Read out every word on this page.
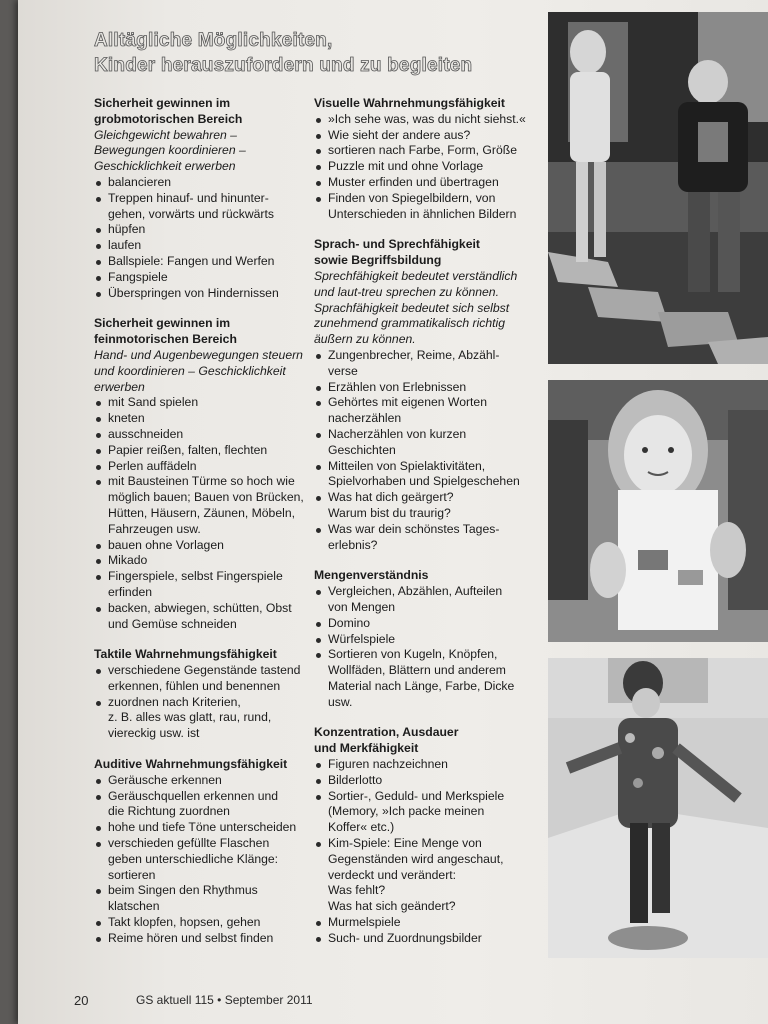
Alltägliche Möglichkeiten,
Kinder herauszufordern und zu begleiten
Sicherheit gewinnen im
grobmotorischen Bereich
Gleichgewicht bewahren –
Bewegungen koordinieren –
Geschicklichkeit erwerben
balancieren
Treppen hinauf- und hinunter-
gehen, vorwärts und rückwärts
hüpfen
laufen
Ballspiele: Fangen und Werfen
Fangspiele
Überspringen von Hindernissen
Sicherheit gewinnen im
feinmotorischen Bereich
Hand- und Augenbewegungen steuern
und koordinieren – Geschicklichkeit
erwerben
mit Sand spielen
kneten
ausschneiden
Papier reißen, falten, flechten
Perlen auffädeln
mit Bausteinen Türme so hoch wie
möglich bauen; Bauen von Brücken,
Hütten, Häusern, Zäunen, Möbeln,
Fahrzeugen usw.
bauen ohne Vorlagen
Mikado
Fingerspiele, selbst Fingerspiele
erfinden
backen, abwiegen, schütten, Obst
und Gemüse schneiden
Taktile Wahrnehmungsfähigkeit
verschiedene Gegenstände tastend
erkennen, fühlen und benennen
zuordnen nach Kriterien,
z. B. alles was glatt, rau, rund,
viereckig usw. ist
Auditive Wahrnehmungsfähigkeit
Geräusche erkennen
Geräuschquellen erkennen und
die Richtung zuordnen
hohe und tiefe Töne unterscheiden
verschieden gefüllte Flaschen
geben unterschiedliche Klänge:
sortieren
beim Singen den Rhythmus
klatschen
Takt klopfen, hopsen, gehen
Reime hören und selbst finden
Visuelle Wahrnehmungsfähigkeit
»Ich sehe was, was du nicht siehst.«
Wie sieht der andere aus?
sortieren nach Farbe, Form, Größe
Puzzle mit und ohne Vorlage
Muster erfinden und übertragen
Finden von Spiegelbildern, von
Unterschieden in ähnlichen Bildern
Sprach- und Sprechfähigkeit
sowie Begriffsbildung
Sprechfähigkeit bedeutet verständlich
und laut-treu sprechen zu können.
Sprachfähigkeit bedeutet sich selbst
zunehmend grammatikalisch richtig
äußern zu können.
Zungenbrecher, Reime, Abzähl-
verse
Erzählen von Erlebnissen
Gehörtes mit eigenen Worten
nacherzählen
Nacherzählen von kurzen
Geschichten
Mitteilen von Spielaktivitäten,
Spielvorhaben und Spielgeschehen
Was hat dich geärgert?
Warum bist du traurig?
Was war dein schönstes Tages-
erlebnis?
Mengenverständnis
Vergleichen, Abzählen, Aufteilen
von Mengen
Domino
Würfelspiele
Sortieren von Kugeln, Knöpfen,
Wollfäden, Blättern und anderem
Material nach Länge, Farbe, Dicke
usw.
Konzentration, Ausdauer
und Merkfähigkeit
Figuren nachzeichnen
Bilderlotto
Sortier-, Geduld- und Merkspiele
(Memory, »Ich packe meinen
Koffer« etc.)
Kim-Spiele: Eine Menge von
Gegenständen wird angeschaut,
verdeckt und verändert:
Was fehlt?
Was hat sich geändert?
Murmelspiele
Such- und Zuordnungsbilder
20	GS aktuell 115 • September 2011
